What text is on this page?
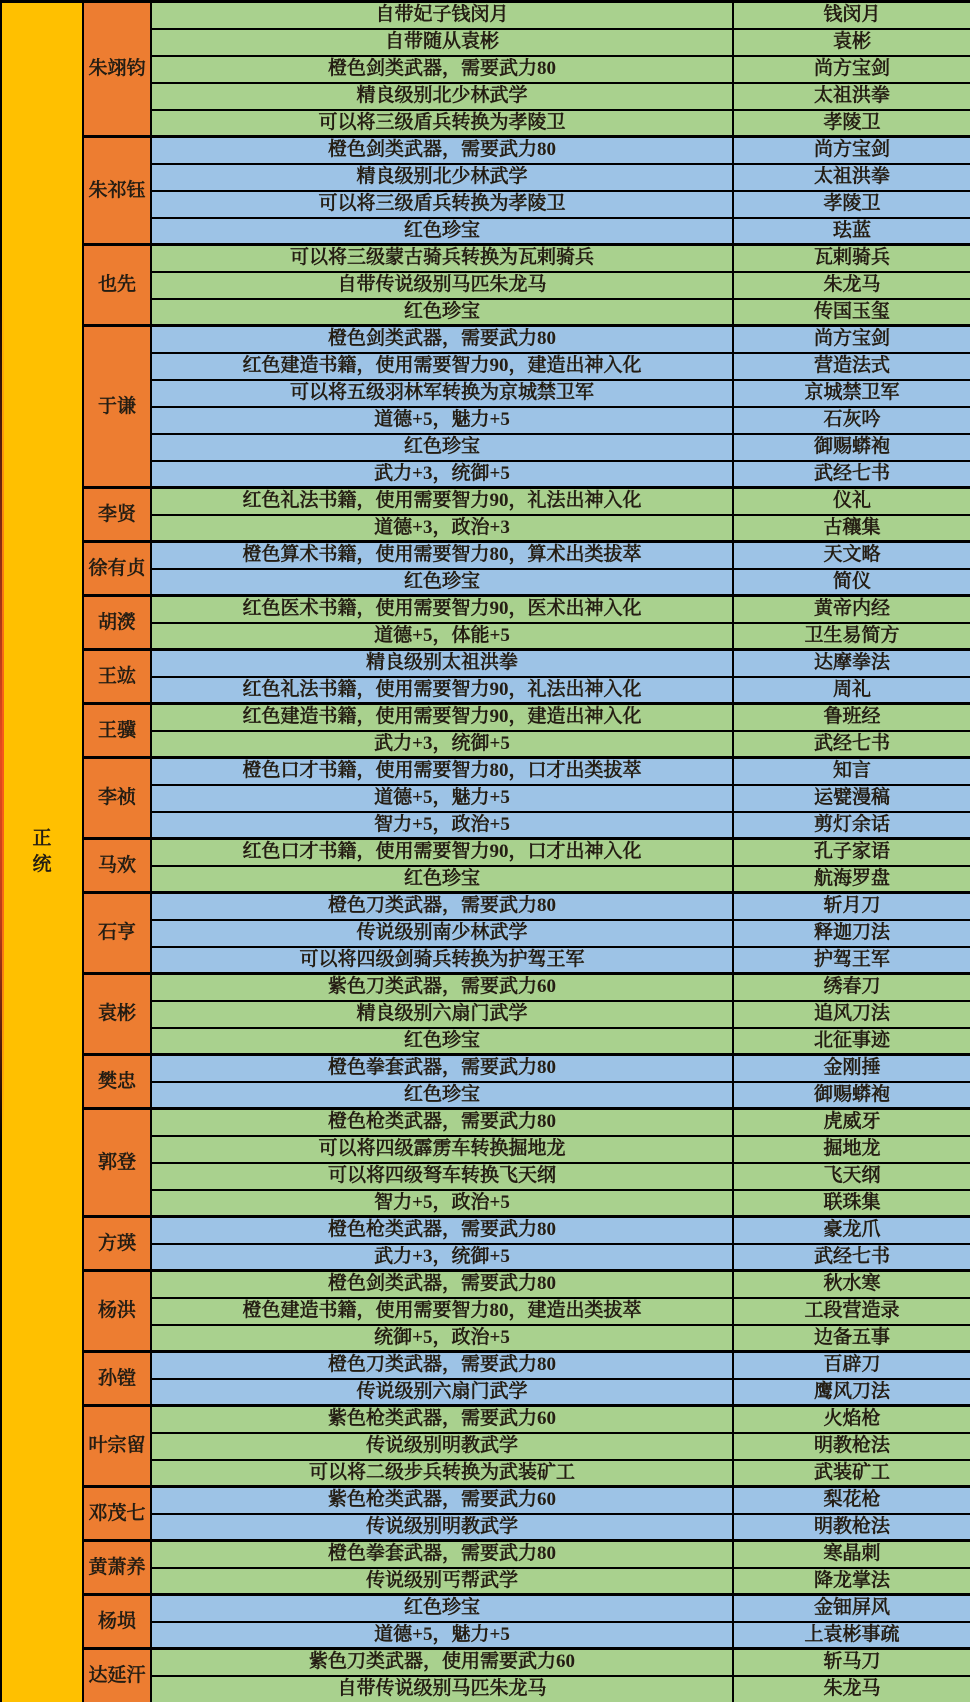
正
统	朱翊钧	自带妃子钱闵月	钱闵月
		自带随从袁彬	袁彬
		橙色剑类武器，需要武力80	尚方宝剑
		精良级别北少林武学	太祖洪拳
		可以将三级盾兵转换为孝陵卫	孝陵卫
	朱祁钰	橙色剑类武器，需要武力80	尚方宝剑
		精良级别北少林武学	太祖洪拳
		可以将三级盾兵转换为孝陵卫	孝陵卫
		红色珍宝	珐蓝
	也先	可以将三级蒙古骑兵转换为瓦剌骑兵	瓦剌骑兵
		自带传说级别马匹朱龙马	朱龙马
		红色珍宝	传国玉玺
	于谦	橙色剑类武器，需要武力80	尚方宝剑
		红色建造书籍，使用需要智力90，建造出神入化	营造法式
		可以将五级羽林军转换为京城禁卫军	京城禁卫军
		道德+5，魅力+5	石灰吟
		红色珍宝	御赐蟒袍
		武力+3，统御+5	武经七书
	李贤	红色礼法书籍，使用需要智力90，礼法出神入化	仪礼
		道德+3，政治+3	古穰集
	徐有贞	橙色算术书籍，使用需要智力80，算术出类拔萃	天文略
		红色珍宝	简仪
	胡濙	红色医术书籍，使用需要智力90，医术出神入化	黄帝内经
		道德+5，体能+5	卫生易简方
	王竑	精良级别太祖洪拳	达摩拳法
		红色礼法书籍，使用需要智力90，礼法出神入化	周礼
	王骥	红色建造书籍，使用需要智力90，建造出神入化	鲁班经
		武力+3，统御+5	武经七书
	李祯	橙色口才书籍，使用需要智力80，口才出类拔萃	知言
		道德+5，魅力+5	运甓漫稿
		智力+5，政治+5	剪灯余话
	马欢	红色口才书籍，使用需要智力90，口才出神入化	孔子家语
		红色珍宝	航海罗盘
	石亨	橙色刀类武器，需要武力80	斩月刀
		传说级别南少林武学	释迦刀法
		可以将四级剑骑兵转换为护驾王军	护驾王军
	袁彬	紫色刀类武器，需要武力60	绣春刀
		精良级别六扇门武学	追风刀法
		红色珍宝	北征事迹
	樊忠	橙色拳套武器，需要武力80	金刚捶
		红色珍宝	御赐蟒袍
	郭登	橙色枪类武器，需要武力80	虎威牙
		可以将四级霹雳车转换掘地龙	掘地龙
		可以将四级弩车转换飞天纲	飞天纲
		智力+5，政治+5	联珠集
	方瑛	橙色枪类武器，需要武力80	豪龙爪
		武力+3，统御+5	武经七书
	杨洪	橙色剑类武器，需要武力80	秋水寒
		橙色建造书籍，使用需要智力80，建造出类拔萃	工段营造录
		统御+5，政治+5	边备五事
	孙镗	橙色刀类武器，需要武力80	百辟刀
		传说级别六扇门武学	鹰风刀法
	叶宗留	紫色枪类武器，需要武力60	火焰枪
		传说级别明教武学	明教枪法
		可以将二级步兵转换为武装矿工	武装矿工
	邓茂七	紫色枪类武器，需要武力60	梨花枪
		传说级别明教武学	明教枪法
	黄萧养	橙色拳套武器，需要武力80	寒晶刺
		传说级别丐帮武学	降龙掌法
	杨埙	红色珍宝	金钿屏风
		道德+5，魅力+5	上袁彬事疏
	达延汗	紫色刀类武器，使用需要武力60	斩马刀
		自带传说级别马匹朱龙马	朱龙马
